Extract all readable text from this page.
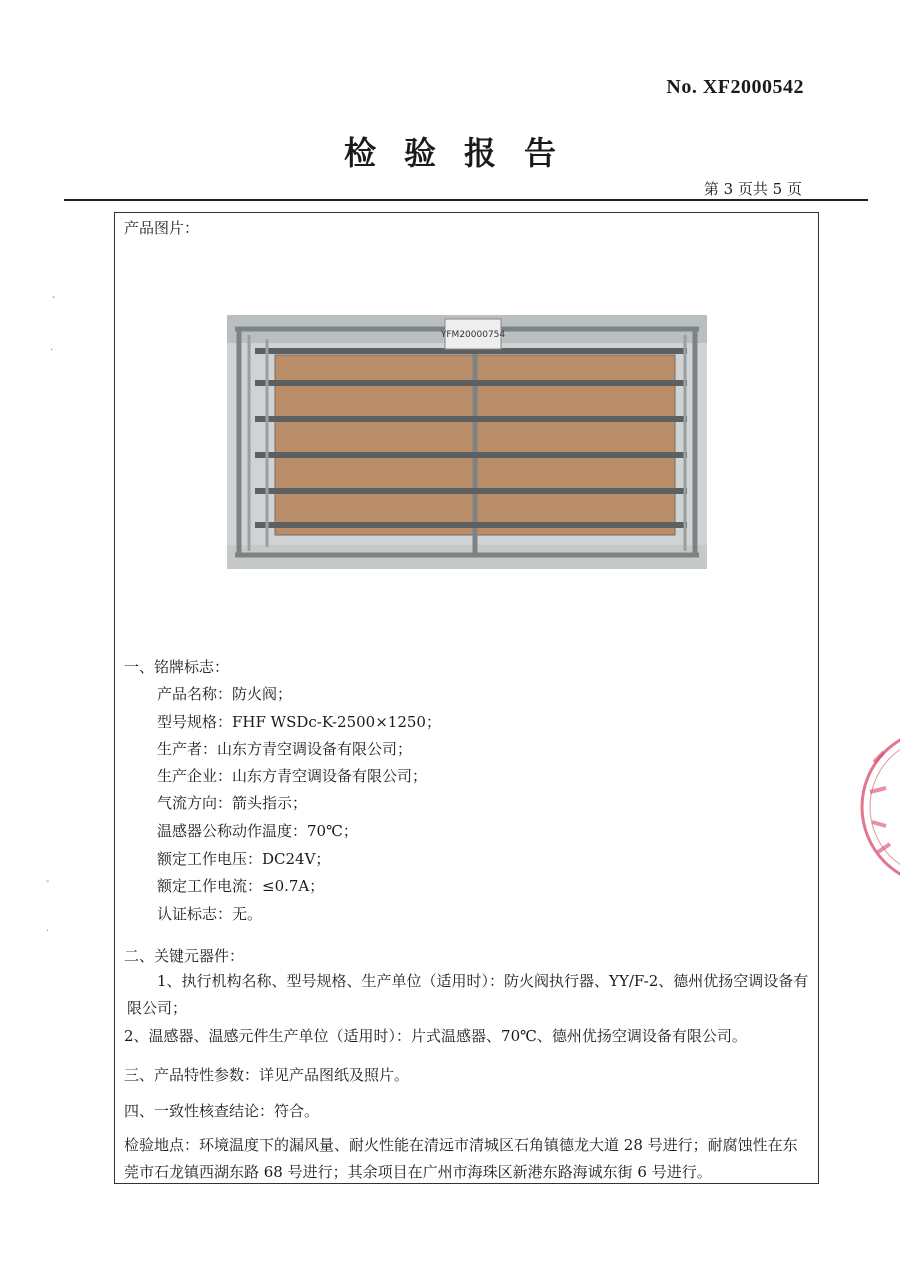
No. XF2000542
检验报告
第 3 页共 5 页
产品图片：
YFM20000754
一、铭牌标志：
产品名称：防火阀；
型号规格：FHF WSDc-K-2500×1250；
生产者：山东方青空调设备有限公司；
生产企业：山东方青空调设备有限公司；
气流方向：箭头指示；
温感器公称动作温度：70℃；
额定工作电压：DC24V；
额定工作电流：≤0.7A；
认证标志：无。
二、关键元器件：
1、执行机构名称、型号规格、生产单位（适用时）：防火阀执行器、YY/F-2、德州优扬空调设备有限公司；
2、温感器、温感元件生产单位（适用时）：片式温感器、70℃、德州优扬空调设备有限公司。
三、产品特性参数：详见产品图纸及照片。
四、一致性核查结论：符合。
检验地点：环境温度下的漏风量、耐火性能在清远市清城区石角镇德龙大道 28 号进行；耐腐蚀性在东莞市石龙镇西湖东路 68 号进行；其余项目在广州市海珠区新港东路海诚东街 6 号进行。
-
·
-
·
